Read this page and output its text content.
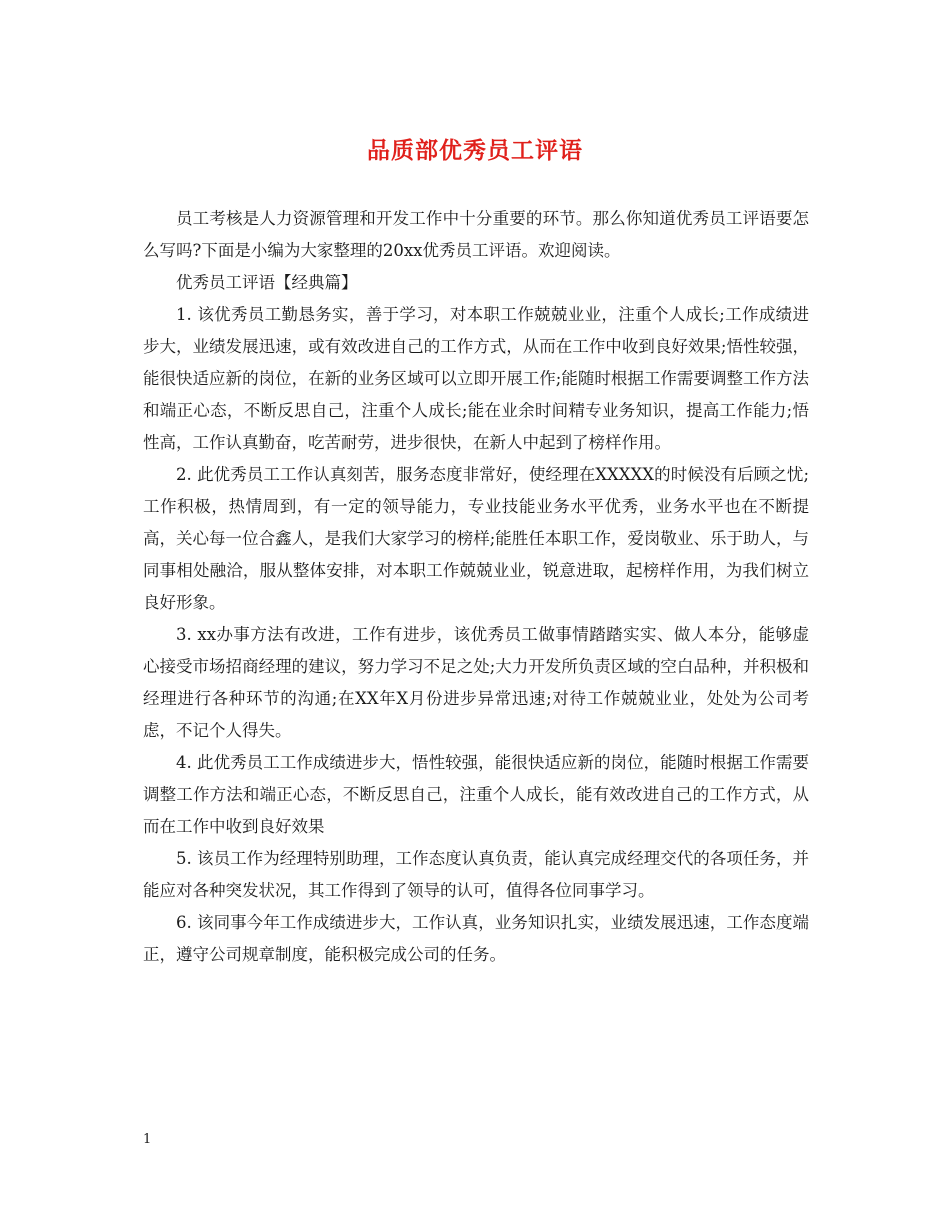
品质部优秀员工评语

员工考核是人力资源管理和开发工作中十分重要的环节。那么你知道优秀员工评语要怎么写吗?下面是小编为大家整理的20xx优秀员工评语。欢迎阅读。

优秀员工评语【经典篇】

1. 该优秀员工勤恳务实，善于学习，对本职工作兢兢业业，注重个人成长;工作成绩进步大，业绩发展迅速，或有效改进自己的工作方式，从而在工作中收到良好效果;悟性较强，能很快适应新的岗位，在新的业务区域可以立即开展工作;能随时根据工作需要调整工作方法和端正心态，不断反思自己，注重个人成长;能在业余时间精专业务知识，提高工作能力;悟性高，工作认真勤奋，吃苦耐劳，进步很快，在新人中起到了榜样作用。

2. 此优秀员工工作认真刻苦，服务态度非常好，使经理在XXXXX的时候没有后顾之忧;工作积极，热情周到，有一定的领导能力，专业技能业务水平优秀，业务水平也在不断提高，关心每一位合鑫人，是我们大家学习的榜样;能胜任本职工作，爱岗敬业、乐于助人，与同事相处融洽，服从整体安排，对本职工作兢兢业业，锐意进取，起榜样作用，为我们树立良好形象。

3. xx办事方法有改进，工作有进步，该优秀员工做事情踏踏实实、做人本分，能够虚心接受市场招商经理的建议，努力学习不足之处;大力开发所负责区域的空白品种，并积极和经理进行各种环节的沟通;在XX年X月份进步异常迅速;对待工作兢兢业业，处处为公司考虑，不记个人得失。

4. 此优秀员工工作成绩进步大，悟性较强，能很快适应新的岗位，能随时根据工作需要调整工作方法和端正心态，不断反思自己，注重个人成长，能有效改进自己的工作方式，从而在工作中收到良好效果

5. 该员工作为经理特别助理，工作态度认真负责，能认真完成经理交代的各项任务，并能应对各种突发状况，其工作得到了领导的认可，值得各位同事学习。

6. 该同事今年工作成绩进步大，工作认真，业务知识扎实，业绩发展迅速，工作态度端正，遵守公司规章制度，能积极完成公司的任务。

1
